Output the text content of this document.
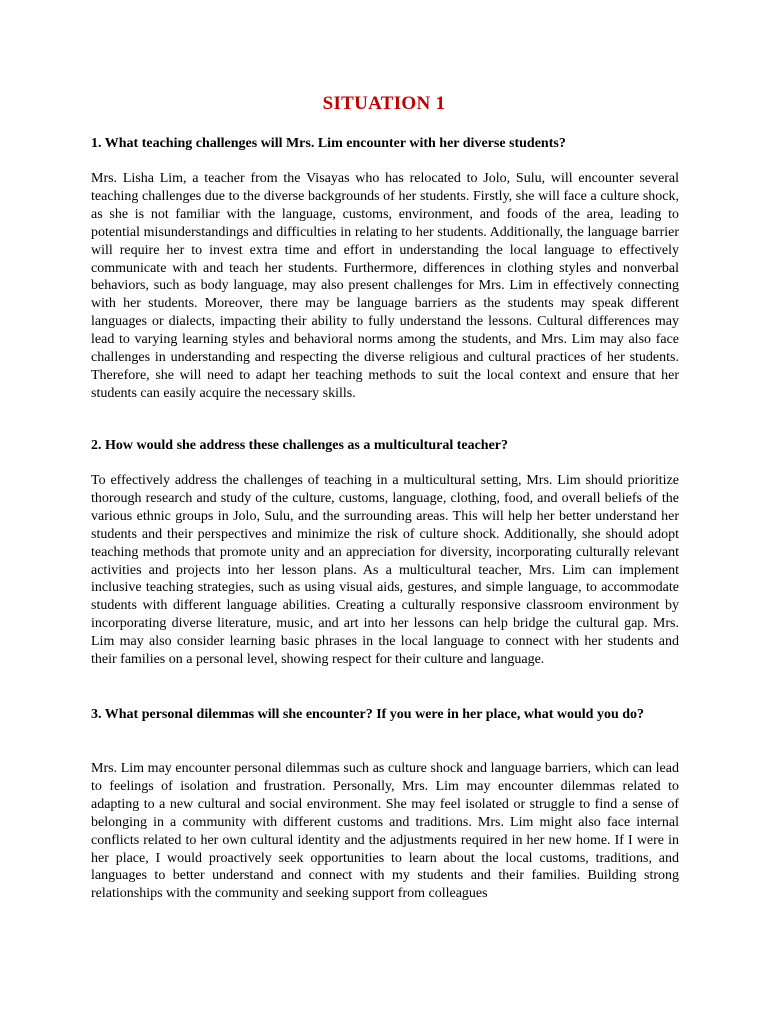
SITUATION 1

1. What teaching challenges will Mrs. Lim encounter with her diverse students?

Mrs. Lisha Lim, a teacher from the Visayas who has relocated to Jolo, Sulu, will encounter several teaching challenges due to the diverse backgrounds of her students. Firstly, she will face a culture shock, as she is not familiar with the language, customs, environment, and foods of the area, leading to potential misunderstandings and difficulties in relating to her students. Additionally, the language barrier will require her to invest extra time and effort in understanding the local language to effectively communicate with and teach her students. Furthermore, differences in clothing styles and nonverbal behaviors, such as body language, may also present challenges for Mrs. Lim in effectively connecting with her students. Moreover, there may be language barriers as the students may speak different languages or dialects, impacting their ability to fully understand the lessons. Cultural differences may lead to varying learning styles and behavioral norms among the students, and Mrs. Lim may also face challenges in understanding and respecting the diverse religious and cultural practices of her students. Therefore, she will need to adapt her teaching methods to suit the local context and ensure that her students can easily acquire the necessary skills.

2. How would she address these challenges as a multicultural teacher?

To effectively address the challenges of teaching in a multicultural setting, Mrs. Lim should prioritize thorough research and study of the culture, customs, language, clothing, food, and overall beliefs of the various ethnic groups in Jolo, Sulu, and the surrounding areas. This will help her better understand her students and their perspectives and minimize the risk of culture shock. Additionally, she should adopt teaching methods that promote unity and an appreciation for diversity, incorporating culturally relevant activities and projects into her lesson plans. As a multicultural teacher, Mrs. Lim can implement inclusive teaching strategies, such as using visual aids, gestures, and simple language, to accommodate students with different language abilities. Creating a culturally responsive classroom environment by incorporating diverse literature, music, and art into her lessons can help bridge the cultural gap. Mrs. Lim may also consider learning basic phrases in the local language to connect with her students and their families on a personal level, showing respect for their culture and language.

3. What personal dilemmas will she encounter? If you were in her place, what would you do?

Mrs. Lim may encounter personal dilemmas such as culture shock and language barriers, which can lead to feelings of isolation and frustration. Personally, Mrs. Lim may encounter dilemmas related to adapting to a new cultural and social environment. She may feel isolated or struggle to find a sense of belonging in a community with different customs and traditions. Mrs. Lim might also face internal conflicts related to her own cultural identity and the adjustments required in her new home. If I were in her place, I would proactively seek opportunities to learn about the local customs, traditions, and languages to better understand and connect with my students and their families. Building strong relationships with the community and seeking support from colleagues
